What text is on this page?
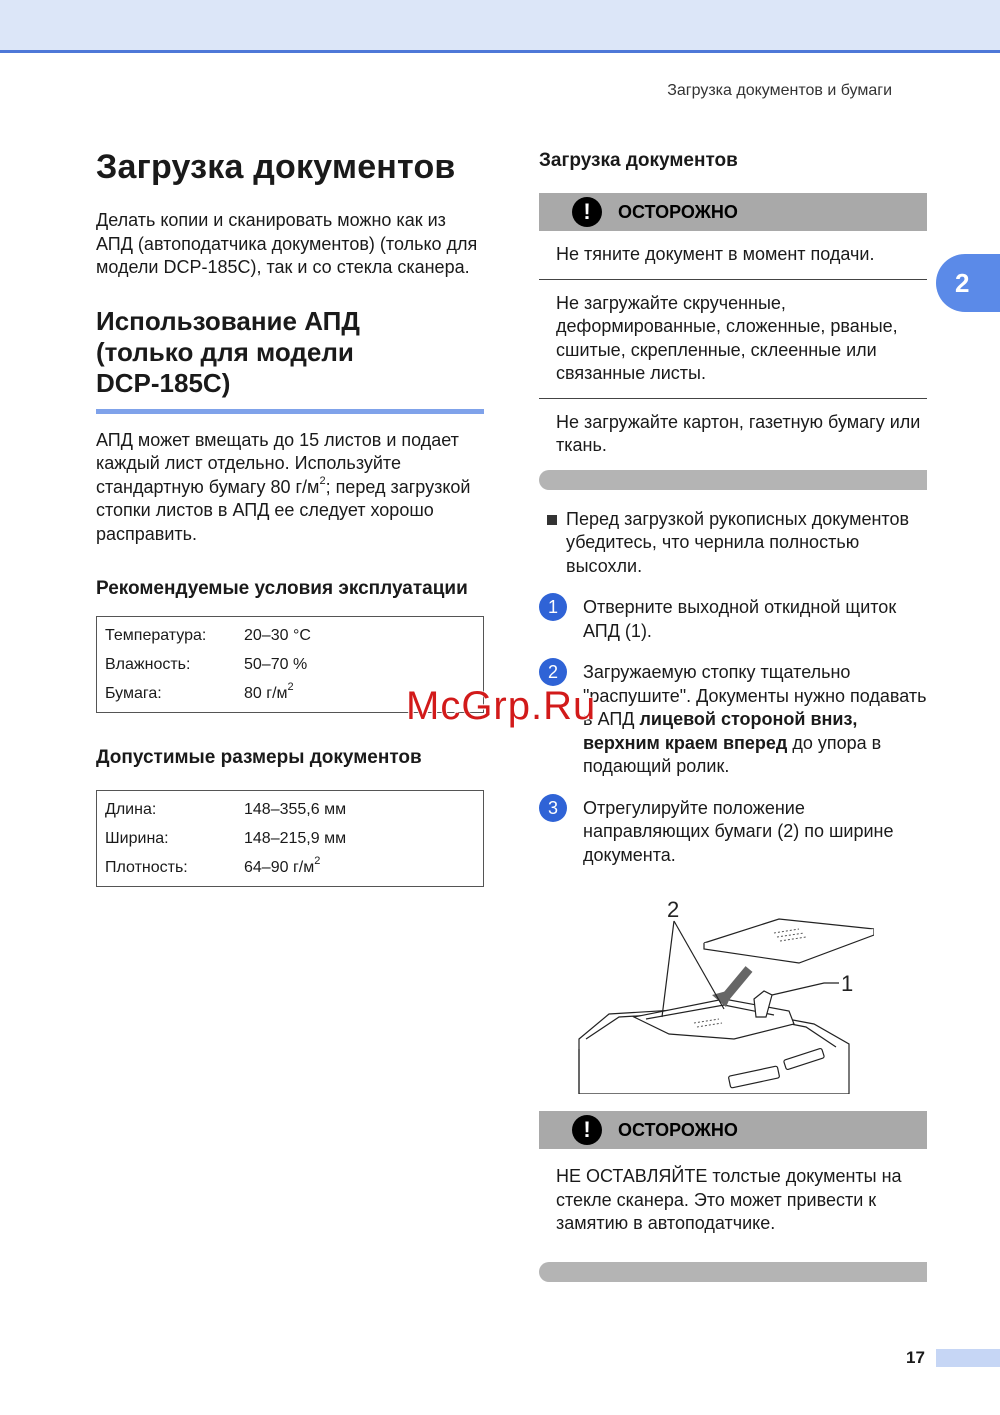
Загрузка документов и бумаги
2
Загрузка документов

Делать копии и сканировать можно как из АПД (автоподатчика документов) (только для модели DCP-185C), так и со стекла сканера.

Использование АПД
(только для модели
DCP-185C)

АПД может вмещать до 15 листов и подает каждый лист отдельно. Используйте стандартную бумагу 80 $г/м^2$; перед загрузкой стопки листов в АПД ее следует хорошо расправить.

Рекомендуемые условия эксплуатации
Температура:	20–30 °C
Влажность:	50–70 %
Бумага:	80 $г/м^2$
Допустимые размеры документов
Длина:	148–355,6 мм
Ширина:	148–215,9 мм
Плотность:	64–90 $г/м^2$
Загрузка документов
!	ОСТОРОЖНО

Не тяните документ в момент подачи.

Не загружайте скрученные, деформированные, сложенные, рваные, сшитые, скрепленные, склеенные или связанные листы.

Не загружайте картон, газетную бумагу или ткань.

Перед загрузкой рукописных документов убедитесь, что чернила полностью высохли.

1	Отверните выходной откидной щиток АПД (1).

2	Загружаемую стопку тщательно "распушите". Документы нужно подавать в АПД лицевой стороной вниз, верхним краем вперед до упора в подающий ролик.

3	Отрегулируйте положение направляющих бумаги (2) по ширине документа.

2
1
!	ОСТОРОЖНО

НЕ ОСТАВЛЯЙТЕ толстые документы на стекле сканера. Это может привести к замятию в автоподатчике.

McGrp.Ru
17
